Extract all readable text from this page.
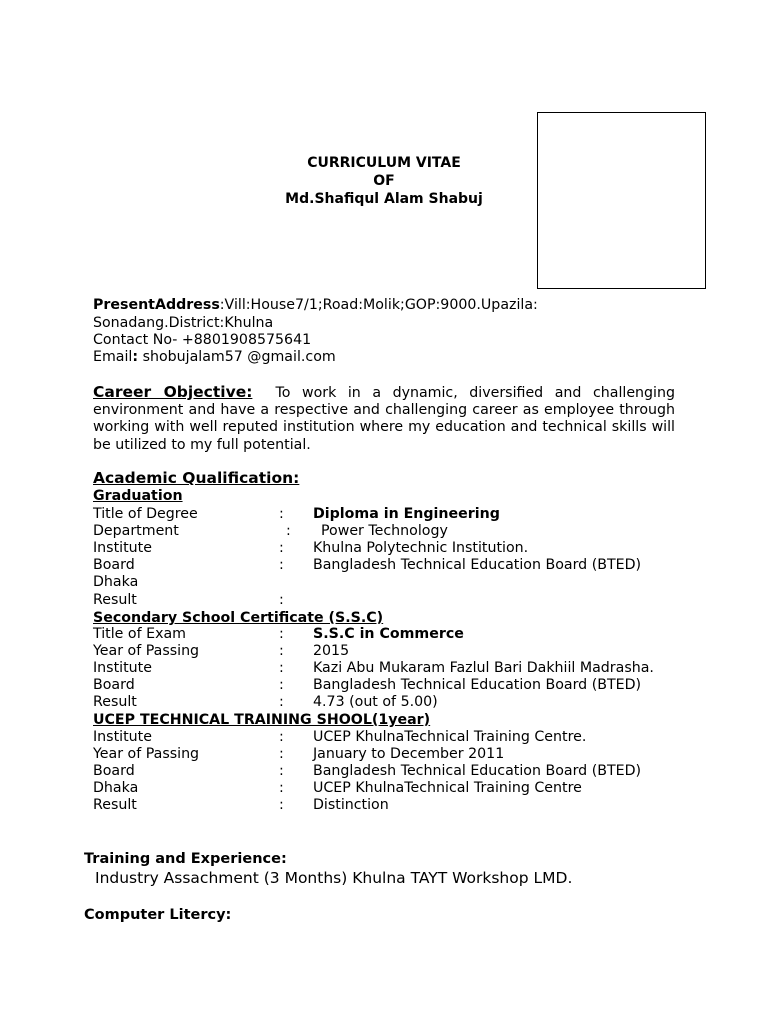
CURRICULUM VITAE
OF
Md.Shafiqul Alam Shabuj
PresentAddress:Vill:House7/1;Road:Molik;GOP:9000.Upazila:
Sonadang.District:Khulna
Contact No- +8801908575641
Email: shobujalam57 @gmail.com
Career Objective: To work in a dynamic, diversified and challenging environment and have a respective and challenging career as employee through working with well reputed institution where my education and technical skills will be utilized to my full potential.
Academic Qualification:
Graduation
Title of Degree	: Diploma in Engineering
Department	: Power Technology
Institute	: Khulna Polytechnic Institution.
Board	: Bangladesh Technical Education Board (BTED)
Dhaka
Result	:
Secondary School Certificate (S.S.C)
Title of Exam	: S.S.C in Commerce
Year of Passing	: 2015
Institute	: Kazi Abu Mukaram Fazlul Bari Dakhiil Madrasha.
Board	: Bangladesh Technical Education Board (BTED)
Result	: 4.73 (out of 5.00)
UCEP TECHNICAL TRAINING SHOOL(1year)
Institute	: UCEP KhulnaTechnical Training Centre.
Year of Passing	: January to December 2011
Board	: Bangladesh Technical Education Board (BTED)
Dhaka	: UCEP KhulnaTechnical Training Centre
Result	: Distinction
Training and Experience:
Industry Assachment (3 Months) Khulna TAYT Workshop LMD.
Computer Litercy:
